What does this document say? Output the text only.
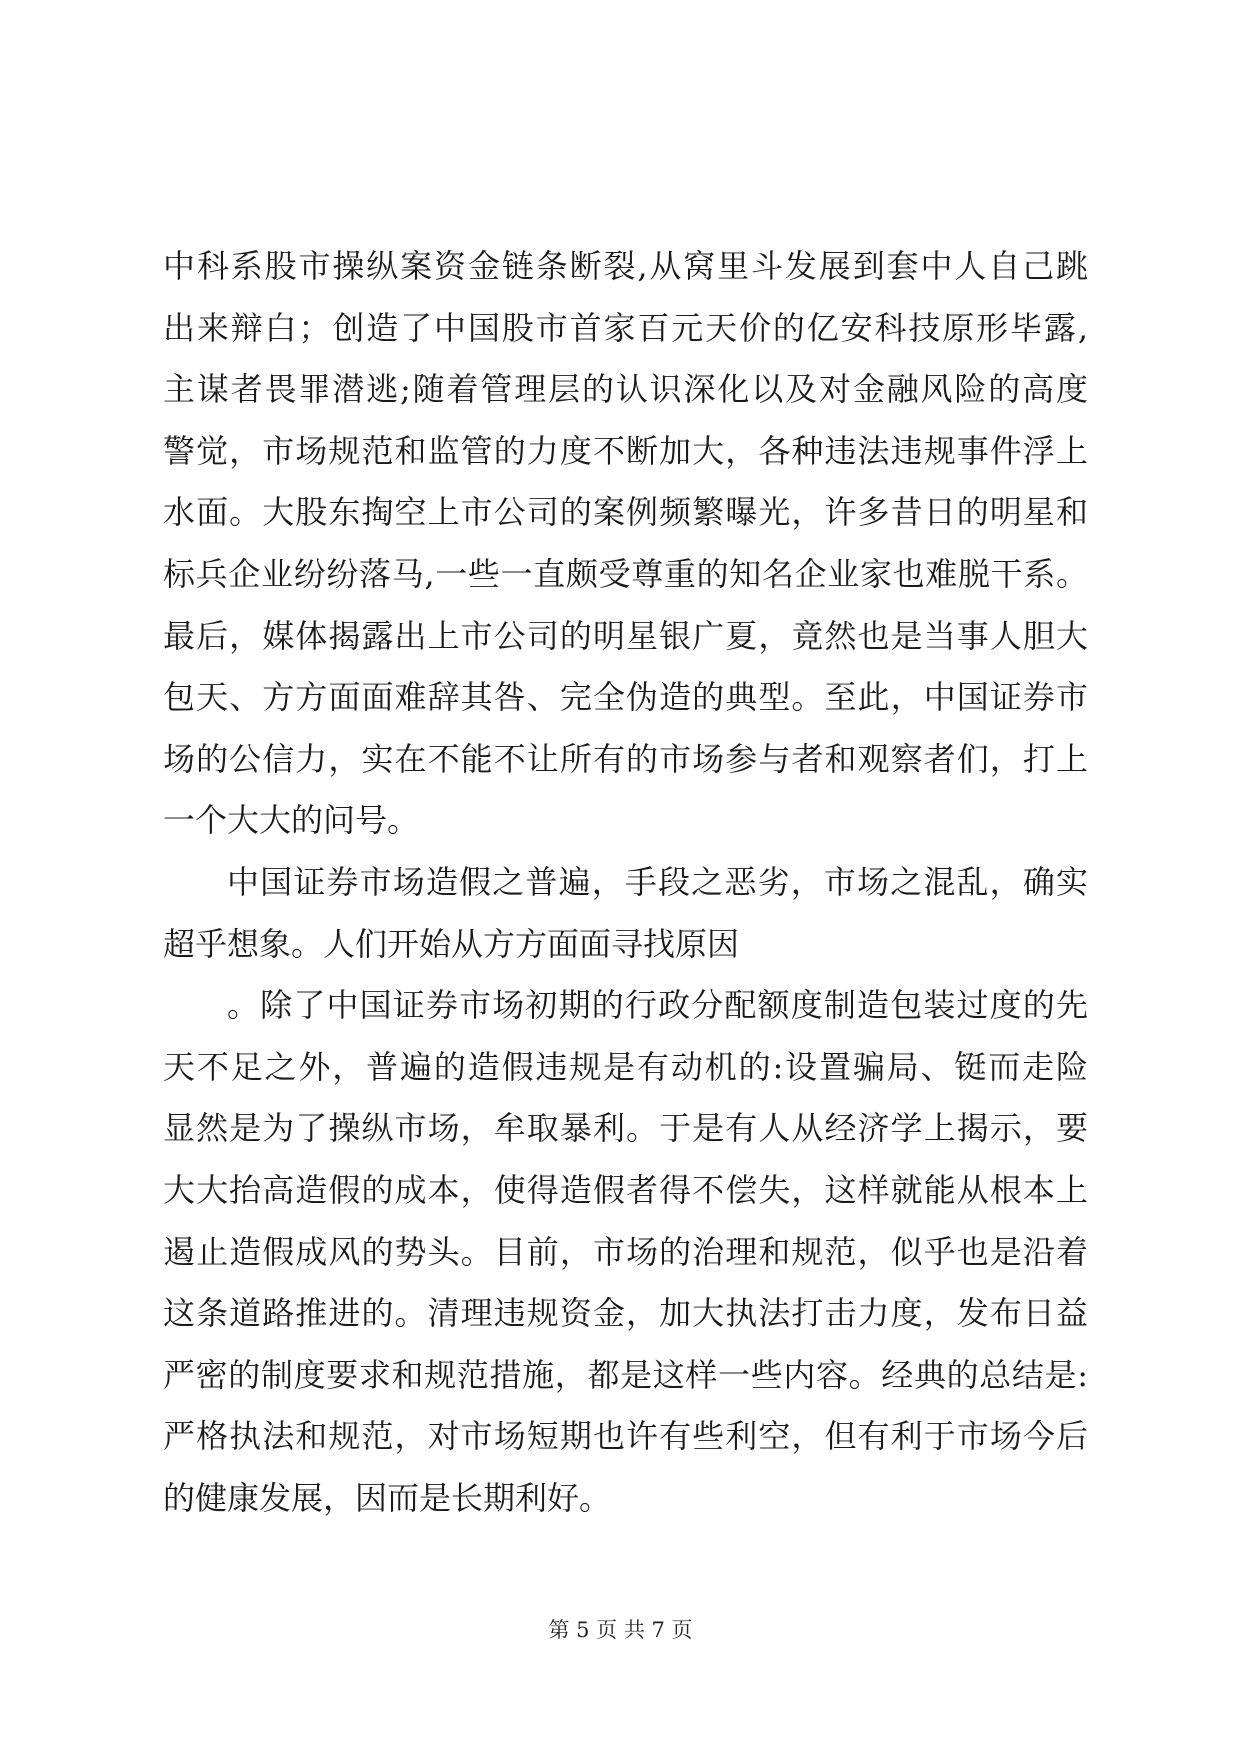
中科系股市操纵案资金链条断裂,从窝里斗发展到套中人自己跳
出来辩白；创造了中国股市首家百元天价的亿安科技原形毕露,
主谋者畏罪潜逃;随着管理层的认识深化以及对金融风险的高度
警觉，市场规范和监管的力度不断加大，各种违法违规事件浮上
水面。大股东掏空上市公司的案例频繁曝光，许多昔日的明星和
标兵企业纷纷落马,一些一直颇受尊重的知名企业家也难脱干系。
最后，媒体揭露出上市公司的明星银广夏，竟然也是当事人胆大
包天、方方面面难辞其咎、完全伪造的典型。至此，中国证券市
场的公信力，实在不能不让所有的市场参与者和观察者们，打上
一个大大的问号。
中国证券市场造假之普遍，手段之恶劣，市场之混乱，确实
超乎想象。人们开始从方方面面寻找原因
。除了中国证券市场初期的行政分配额度制造包装过度的先
天不足之外，普遍的造假违规是有动机的:设置骗局、铤而走险
显然是为了操纵市场，牟取暴利。于是有人从经济学上揭示，要
大大抬高造假的成本，使得造假者得不偿失，这样就能从根本上
遏止造假成风的势头。目前，市场的治理和规范，似乎也是沿着
这条道路推进的。清理违规资金，加大执法打击力度，发布日益
严密的制度要求和规范措施，都是这样一些内容。经典的总结是:
严格执法和规范，对市场短期也许有些利空，但有利于市场今后
的健康发展，因而是长期利好。
第 5 页 共 7 页
